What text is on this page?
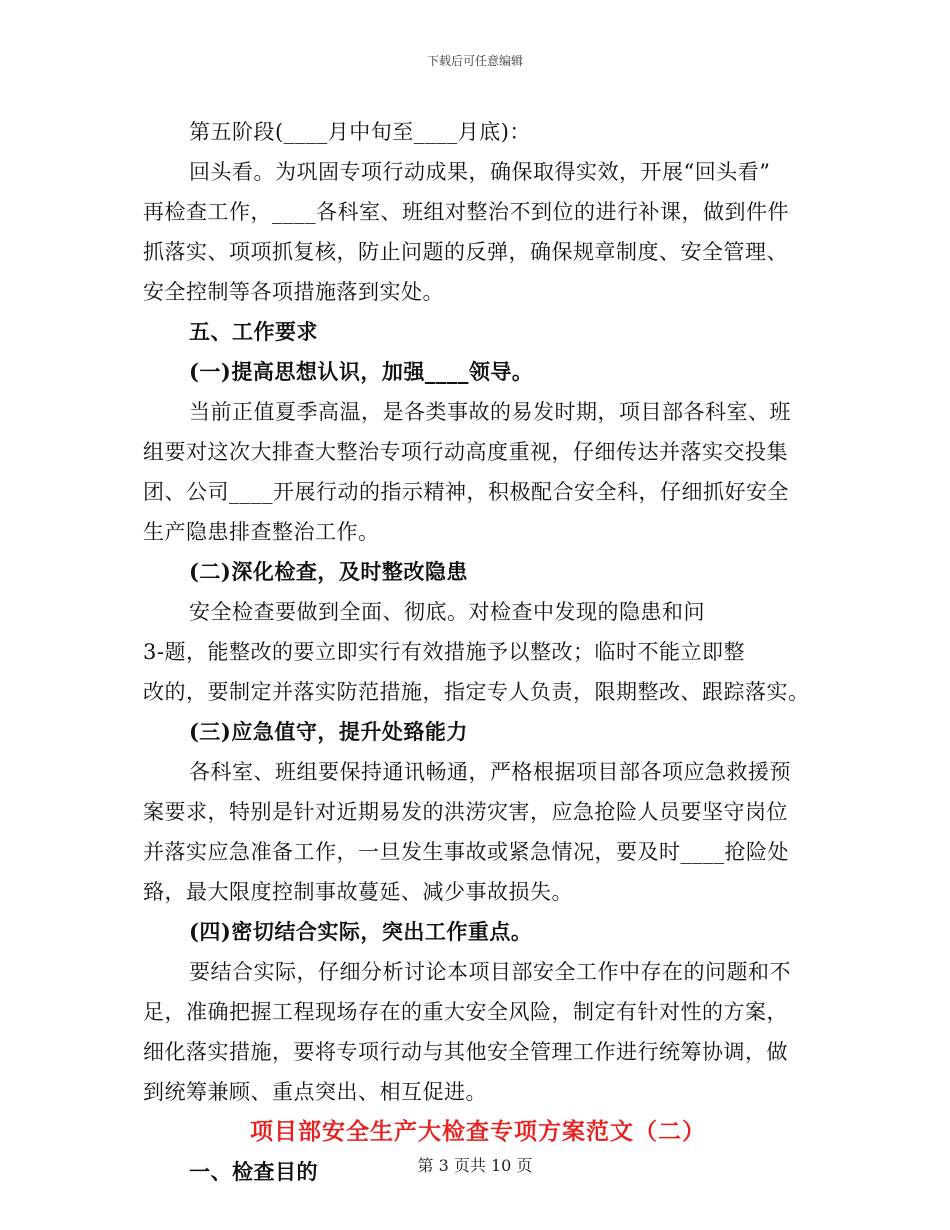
下载后可任意编辑
第五阶段(____月中旬至____月底)：
回头看。为巩固专项行动成果，确保取得实效，开展“回头看”
再检查工作，____各科室、班组对整治不到位的进行补课，做到件件
抓落实、项项抓复核，防止问题的反弹，确保规章制度、安全管理、
安全控制等各项措施落到实处。
五、工作要求
(一)提高思想认识，加强____领导。
当前正值夏季高温，是各类事故的易发时期，项目部各科室、班
组要对这次大排查大整治专项行动高度重视，仔细传达并落实交投集
团、公司____开展行动的指示精神，积极配合安全科，仔细抓好安全
生产隐患排查整治工作。
(二)深化检查，及时整改隐患
安全检查要做到全面、彻底。对检查中发现的隐患和问
3-题，能整改的要立即实行有效措施予以整改；临时不能立即整
改的，要制定并落实防范措施，指定专人负责，限期整改、跟踪落实。
(三)应急值守，提升处臵能力
各科室、班组要保持通讯畅通，严格根据项目部各项应急救援预
案要求，特别是针对近期易发的洪涝灾害，应急抢险人员要坚守岗位
并落实应急准备工作，一旦发生事故或紧急情况，要及时____抢险处
臵，最大限度控制事故蔓延、减少事故损失。
(四)密切结合实际，突出工作重点。
要结合实际，仔细分析讨论本项目部安全工作中存在的问题和不
足，准确把握工程现场存在的重大安全风险，制定有针对性的方案，
细化落实措施，要将专项行动与其他安全管理工作进行统筹协调，做
到统筹兼顾、重点突出、相互促进。
项目部安全生产大检查专项方案范文（二）
一、检查目的	第 3 页共 10 页
